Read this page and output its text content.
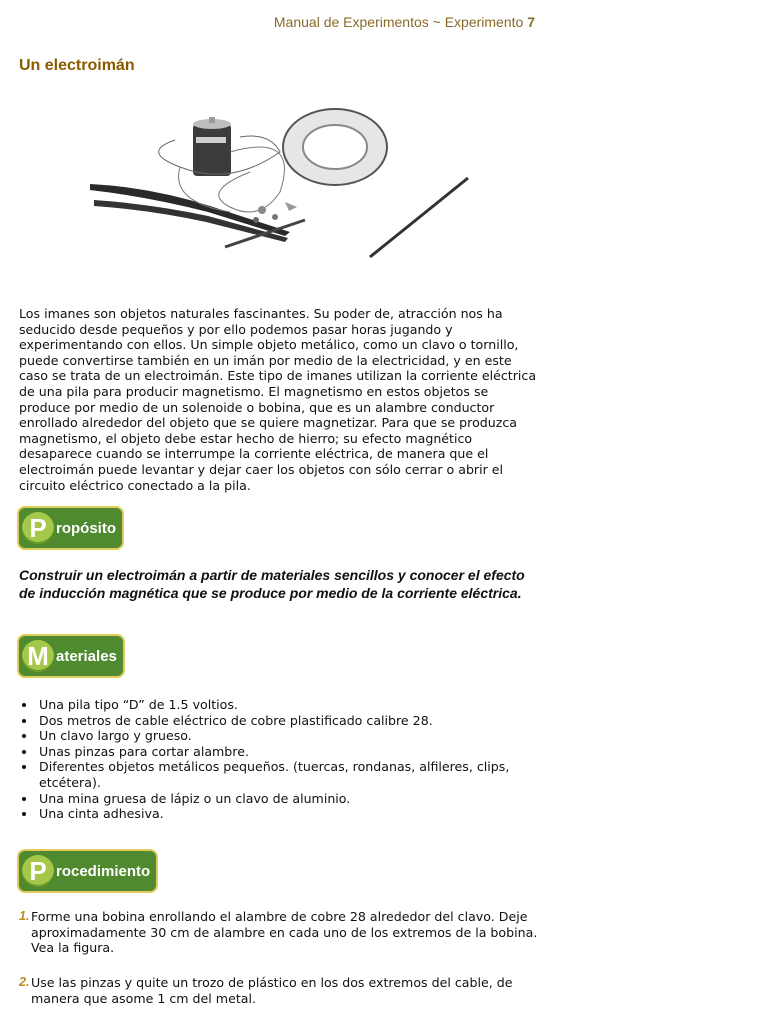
Manual de Experimentos ~ Experimento 7
Un electroimán

Los imanes son objetos naturales fascinantes. Su poder de, atracción nos ha seducido desde pequeños y por ello podemos pasar horas jugando y experimentando con ellos. Un simple objeto metálico, como un clavo o tornillo, puede convertirse también en un imán por medio de la electricidad, y en este caso se trata de un electroimán. Este tipo de imanes utilizan la corriente eléctrica de una pila para producir magnetismo. El magnetismo en estos objetos se produce por medio de un solenoide o bobina, que es un alambre conductor enrollado alrededor del objeto que se quiere magnetizar. Para que se produzca magnetismo, el objeto debe estar hecho de hierro; su efecto magnético desaparece cuando se interrumpe la corriente eléctrica, de manera que el electroimán puede levantar y dejar caer los objetos con sólo cerrar o abrir el circuito eléctrico conectado a la pila.

P ropósito

Construir un electroimán a partir de materiales sencillos y conocer el efecto de inducción magnética que se produce por medio de la corriente eléctrica.

M ateriales
• Una pila tipo “D” de 1.5 voltios.
• Dos metros de cable eléctrico de cobre plastificado calibre 28.
• Un clavo largo y grueso.
• Unas pinzas para cortar alambre.
• Diferentes objetos metálicos pequeños. (tuercas, rondanas, alfileres, clips, etcétera).
• Una mina gruesa de lápiz o un clavo de aluminio.
• Una cinta adhesiva.
P rocedimiento
1. Forme una bobina enrollando el alambre de cobre 28 alrededor del clavo. Deje aproximadamente 30 cm de alambre en cada uno de los extremos de la bobina. Vea la figura.
2. Use las pinzas y quite un trozo de plástico en los dos extremos del cable, de manera que asome 1 cm del metal.
